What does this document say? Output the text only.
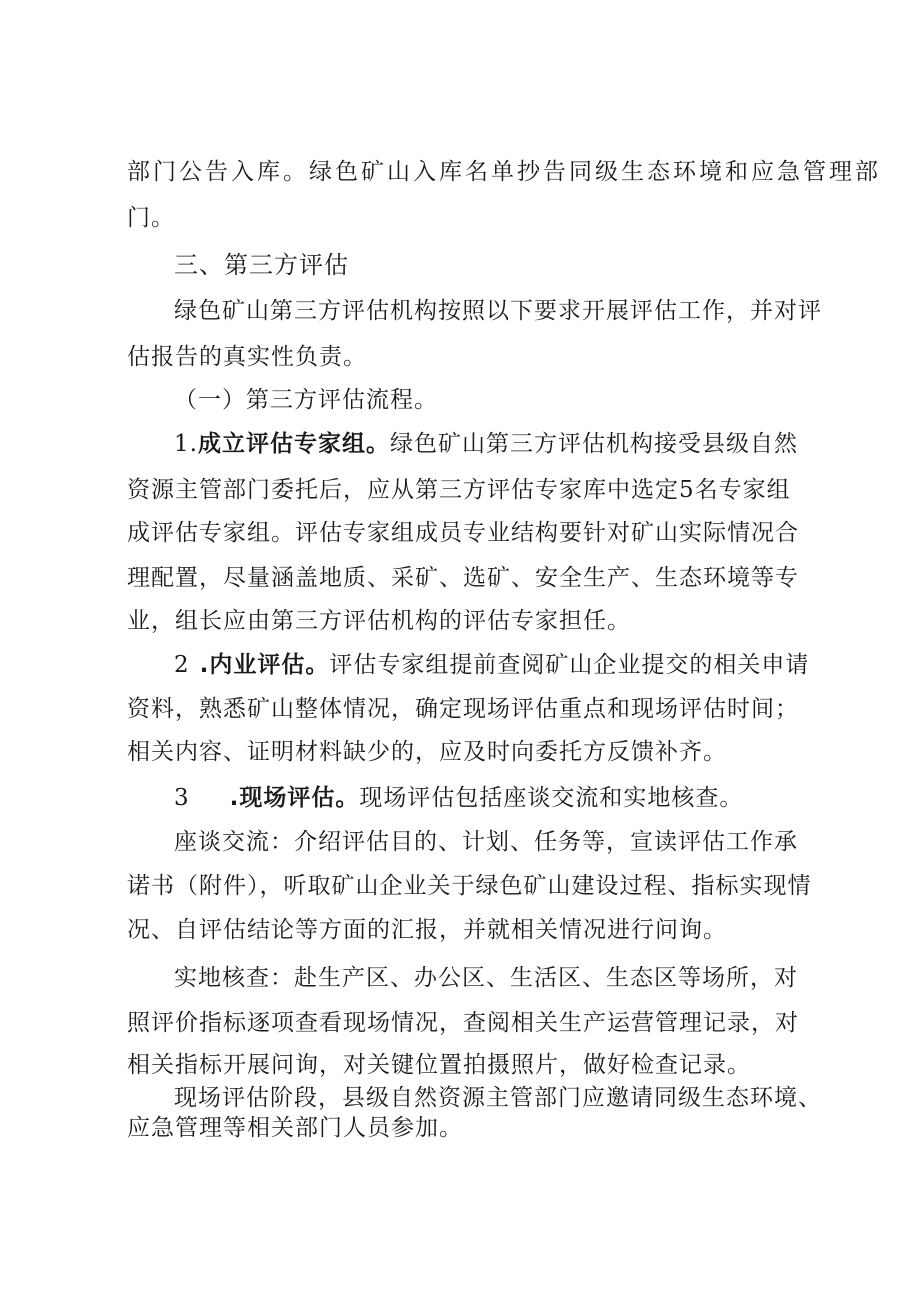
部门公告入库。绿色矿山入库名单抄告同级生态环境和应急管理部
门。
三、第三方评估
绿色矿山第三方评估机构按照以下要求开展评估工作，并对评
估报告的真实性负责。
（一）第三方评估流程。
1.成立评估专家组。绿色矿山第三方评估机构接受县级自然
资源主管部门委托后，应从第三方评估专家库中选定5名专家组
成评估专家组。评估专家组成员专业结构要针对矿山实际情况合
理配置，尽量涵盖地质、采矿、选矿、安全生产、生态环境等专
业，组长应由第三方评估机构的评估专家担任。
2 .内业评估。评估专家组提前查阅矿山企业提交的相关申请
资料，熟悉矿山整体情况，确定现场评估重点和现场评估时间；
相关内容、证明材料缺少的，应及时向委托方反馈补齐。
3 .现场评估。现场评估包括座谈交流和实地核查。
座谈交流：介绍评估目的、计划、任务等，宣读评估工作承
诺书（附件），听取矿山企业关于绿色矿山建设过程、指标实现情
况、自评估结论等方面的汇报，并就相关情况进行问询。
实地核查：赴生产区、办公区、生活区、生态区等场所，对
照评价指标逐项查看现场情况，查阅相关生产运营管理记录，对
相关指标开展问询，对关键位置拍摄照片，做好检查记录。
现场评估阶段，县级自然资源主管部门应邀请同级生态环境、
应急管理等相关部门人员参加。
